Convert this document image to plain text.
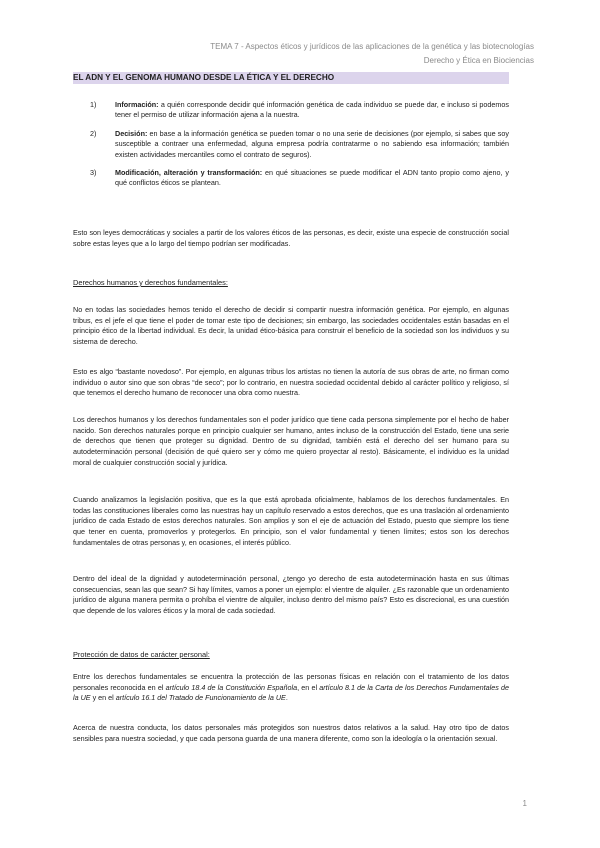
TEMA 7 - Aspectos éticos y jurídicos de las aplicaciones de la genética y las biotecnologías
Derecho y Ética en Biociencias
EL ADN Y EL GENOMA HUMANO DESDE LA ÉTICA Y EL DERECHO
1)	Información: a quién corresponde decidir qué información genética de cada individuo se puede dar, e incluso si podemos tener el permiso de utilizar información ajena a la nuestra.
2)	Decisión: en base a la información genética se pueden tomar o no una serie de decisiones (por ejemplo, si sabes que soy susceptible a contraer una enfermedad, alguna empresa podría contratarme o no sabiendo esa información; también existen actividades mercantiles como el contrato de seguros).
3)	Modificación, alteración y transformación: en qué situaciones se puede modificar el ADN tanto propio como ajeno, y qué conflictos éticos se plantean.

Esto son leyes democráticas y sociales a partir de los valores éticos de las personas, es decir, existe una especie de construcción social sobre estas leyes que a lo largo del tiempo podrían ser modificadas.

Derechos humanos y derechos fundamentales:

No en todas las sociedades hemos tenido el derecho de decidir si compartir nuestra información genética. Por ejemplo, en algunas tribus, es el jefe el que tiene el poder de tomar este tipo de decisiones; sin embargo, las sociedades occidentales están basadas en el principio ético de la libertad individual. Es decir, la unidad ético-básica para construir el beneficio de la sociedad son los individuos y su sistema de derecho.

Esto es algo “bastante novedoso”. Por ejemplo, en algunas tribus los artistas no tienen la autoría de sus obras de arte, no firman como individuo o autor sino que son obras “de seco”; por lo contrario, en nuestra sociedad occidental debido al carácter político y religioso, sí que tenemos el derecho humano de reconocer una obra como nuestra.

Los derechos humanos y los derechos fundamentales son el poder jurídico que tiene cada persona simplemente por el hecho de haber nacido. Son derechos naturales porque en principio cualquier ser humano, antes incluso de la construcción del Estado, tiene una serie de derechos que tienen que proteger su dignidad. Dentro de su dignidad, también está el derecho del ser humano para su autodeterminación personal (decisión de qué quiero ser y cómo me quiero proyectar al resto). Básicamente, el individuo es la unidad moral de cualquier construcción social y jurídica.

Cuando analizamos la legislación positiva, que es la que está aprobada oficialmente, hablamos de los derechos fundamentales. En todas las constituciones liberales como las nuestras hay un capítulo reservado a estos derechos, que es una traslación al ordenamiento jurídico de cada Estado de estos derechos naturales. Son amplios y son el eje de actuación del Estado, puesto que siempre los tiene que tener en cuenta, promoverlos y protegerlos. En principio, son el valor fundamental y tienen límites; estos son los derechos fundamentales de otras personas y, en ocasiones, el interés público.

Dentro del ideal de la dignidad y autodeterminación personal, ¿tengo yo derecho de esta autodeterminación hasta en sus últimas consecuencias, sean las que sean? Si hay límites, vamos a poner un ejemplo: el vientre de alquiler. ¿Es razonable que un ordenamiento jurídico de alguna manera permita o prohíba el vientre de alquiler, incluso dentro del mismo país? Esto es discrecional, es una cuestión que depende de los valores éticos y la moral de cada sociedad.

Protección de datos de carácter personal:

Entre los derechos fundamentales se encuentra la protección de las personas físicas en relación con el tratamiento de los datos personales reconocida en el artículo 18.4 de la Constitución Española, en el artículo 8.1 de la Carta de los Derechos Fundamentales de la UE y en el artículo 16.1 del Tratado de Funcionamiento de la UE.

Acerca de nuestra conducta, los datos personales más protegidos son nuestros datos relativos a la salud. Hay otro tipo de datos sensibles para nuestra sociedad, y que cada persona guarda de una manera diferente, como son la ideología o la orientación sexual.

1
